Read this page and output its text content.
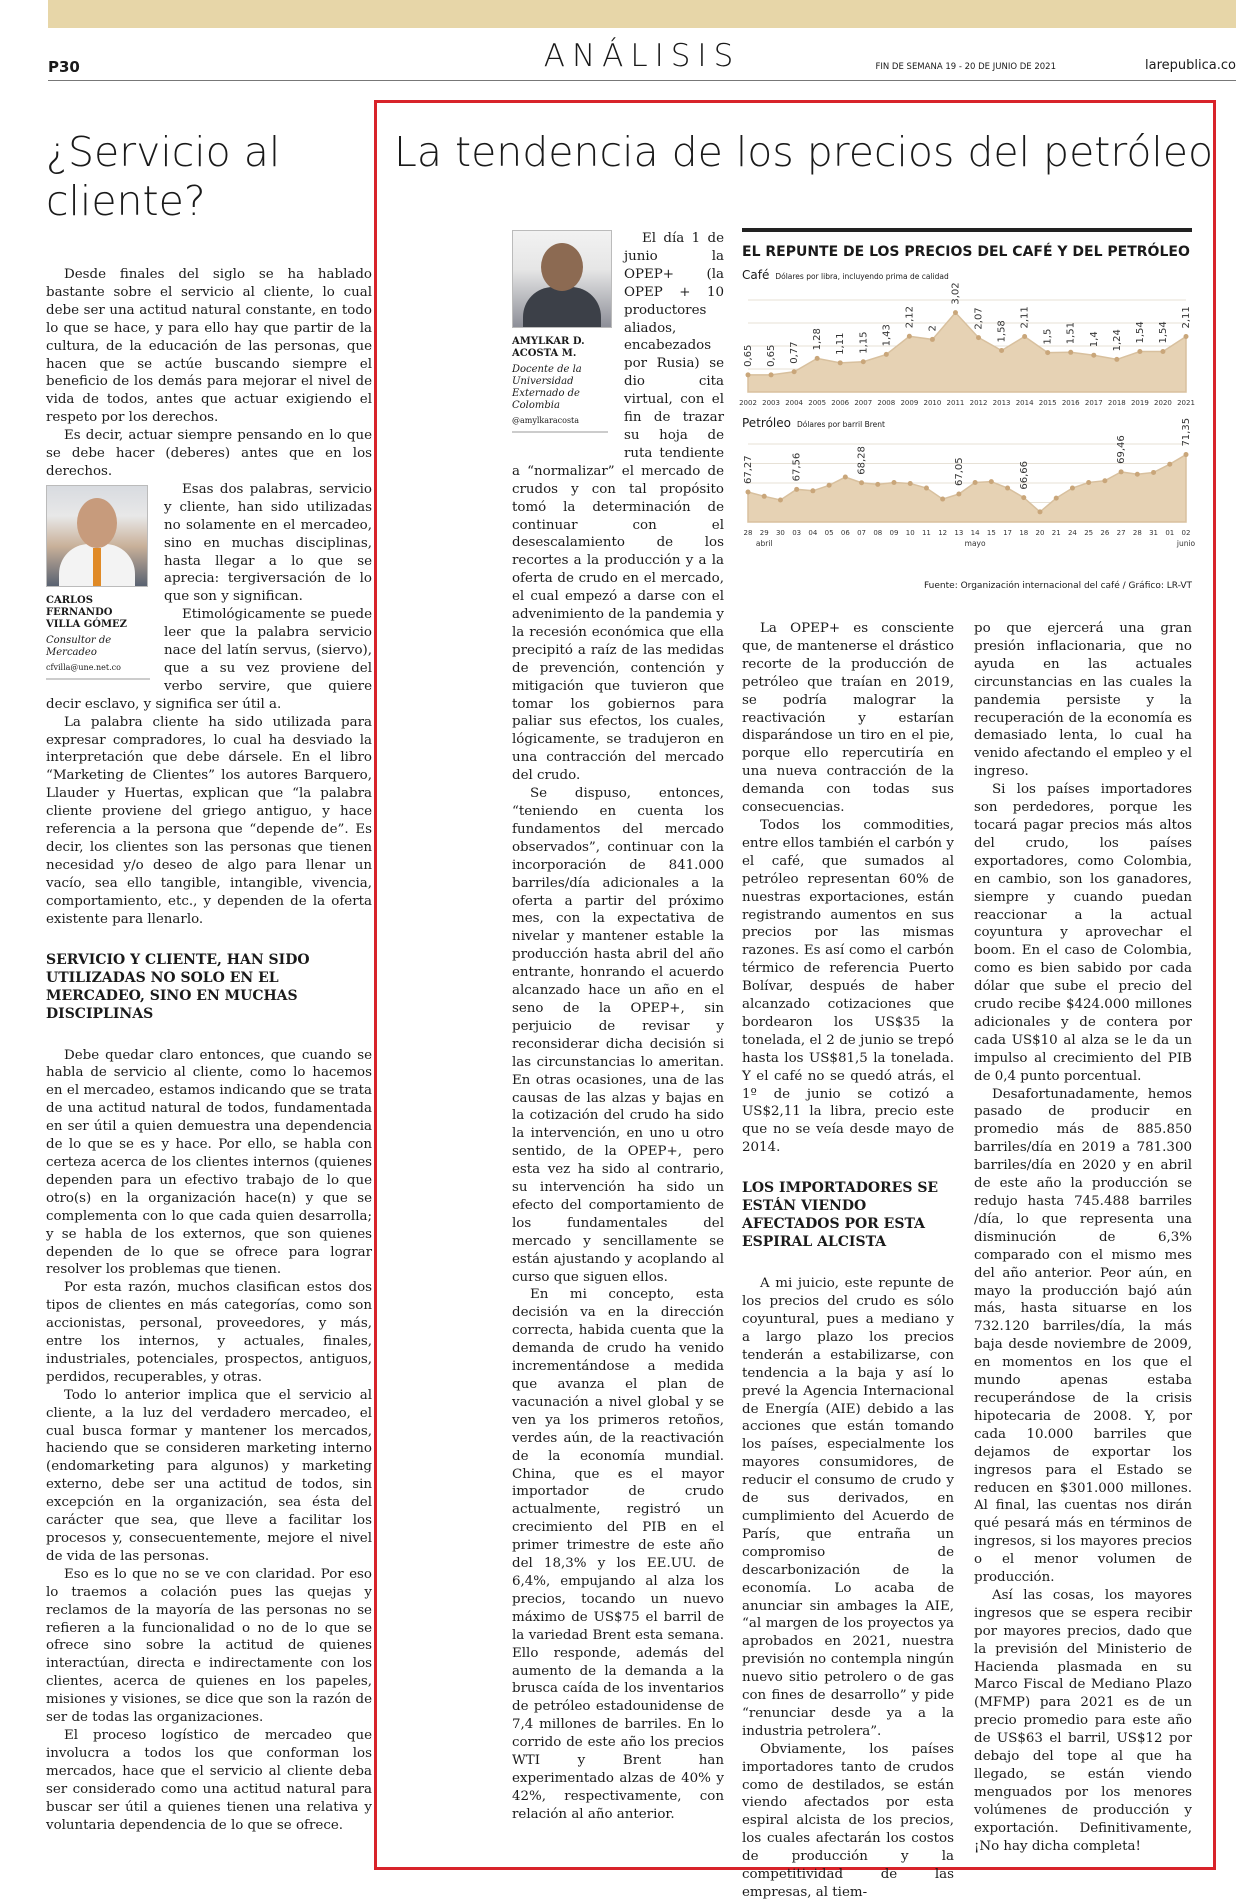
P30	ANÁLISIS	FIN DE SEMANA 19 - 20 DE JUNIO DE 2021	larepublica.co
¿Servicio al cliente?

Desde finales del siglo se ha hablado bastante sobre el servicio al cliente, lo cual debe ser una actitud natural constante, en todo lo que se hace, y para ello hay que partir de la cultura, de la educación de las personas, que hacen que se actúe buscando siempre el beneficio de los demás para mejorar el nivel de vida de todos, antes que actuar exigiendo el respeto por los derechos.

Es decir, actuar siempre pensando en lo que se debe hacer (deberes) antes que en los derechos.

CARLOS FERNANDO VILLA GÓMEZ
Consultor de Mercadeo
cfvilla@une.net.co

Esas dos palabras, servicio y cliente, han sido utilizadas no solamente en el mercadeo, sino en muchas disciplinas, hasta llegar a lo que se aprecia: tergiversación de lo que son y significan.

Etimológicamente se puede leer que la palabra servicio nace del latín servus, (siervo), que a su vez proviene del verbo servire, que quiere decir esclavo, y significa ser útil a.

La palabra cliente ha sido utilizada para expresar compradores, lo cual ha desviado la interpretación que debe dársele. En el libro “Marketing de Clientes” los autores Barquero, Llauder y Huertas, explican que “la palabra cliente proviene del griego antiguo, y hace referencia a la persona que “depende de”. Es decir, los clientes son las personas que tienen necesidad y/o deseo de algo para llenar un vacío, sea ello tangible, intangible, vivencia, comportamiento, etc., y dependen de la oferta existente para llenarlo.

SERVICIO Y CLIENTE, HAN SIDO UTILIZADAS NO SOLO EN EL MERCADEO, SINO EN MUCHAS DISCIPLINAS

Debe quedar claro entonces, que cuando se habla de servicio al cliente, como lo hacemos en el mercadeo, estamos indicando que se trata de una actitud natural de todos, fundamentada en ser útil a quien demuestra una dependencia de lo que se es y hace. Por ello, se habla con certeza acerca de los clientes internos (quienes dependen para un efectivo trabajo de lo que otro(s) en la organización hace(n) y que se complementa con lo que cada quien desarrolla; y se habla de los externos, que son quienes dependen de lo que se ofrece para lograr resolver los problemas que tienen.

Por esta razón, muchos clasifican estos dos tipos de clientes en más categorías, como son accionistas, personal, proveedores, y más, entre los internos, y actuales, finales, industriales, potenciales, prospectos, antiguos, perdidos, recuperables, y otras.

Todo lo anterior implica que el servicio al cliente, a la luz del verdadero mercadeo, el cual busca formar y mantener los mercados, haciendo que se consideren marketing interno (endomarketing para algunos) y marketing externo, debe ser una actitud de todos, sin excepción en la organización, sea ésta del carácter que sea, que lleve a facilitar los procesos y, consecuentemente, mejore el nivel de vida de las personas.

Eso es lo que no se ve con claridad. Por eso lo traemos a colación pues las quejas y reclamos de la mayoría de las personas no se refieren a la funcionalidad o no de lo que se ofrece sino sobre la actitud de quienes interactúan, directa e indirectamente con los clientes, acerca de quienes en los papeles, misiones y visiones, se dice que son la razón de ser de todas las organizaciones.

El proceso logístico de mercadeo que involucra a todos los que conforman los mercados, hace que el servicio al cliente deba ser considerado como una actitud natural para buscar ser útil a quienes tienen una relativa y voluntaria dependencia de lo que se ofrece.

La tendencia de los precios del petróleo
AMYLKAR D. ACOSTA M.
Docente de la Universidad Externado de Colombia
@amylkaracosta

El día 1 de junio la OPEP+ (la OPEP + 10 productores aliados, encabezados por Rusia) se dio cita virtual, con el fin de trazar su hoja de ruta tendiente a “normalizar” el mercado de crudos y con tal propósito tomó la determinación de continuar con el desescalamiento de los recortes a la producción y a la oferta de crudo en el mercado, el cual empezó a darse con el advenimiento de la pandemia y la recesión económica que ella precipitó a raíz de las medidas de prevención, contención y mitigación que tuvieron que tomar los gobiernos para paliar sus efectos, los cuales, lógicamente, se tradujeron en una contracción del mercado del crudo.

Se dispuso, entonces, “teniendo en cuenta los fundamentos del mercado observados”, continuar con la incorporación de 841.000 barriles/día adicionales a la oferta a partir del próximo mes, con la expectativa de nivelar y mantener estable la producción hasta abril del año entrante, honrando el acuerdo alcanzado hace un año en el seno de la OPEP+, sin perjuicio de revisar y reconsiderar dicha decisión si las circunstancias lo ameritan. En otras ocasiones, una de las causas de las alzas y bajas en la cotización del crudo ha sido la intervención, en uno u otro sentido, de la OPEP+, pero esta vez ha sido al contrario, su intervención ha sido un efecto del comportamiento de los fundamentales del mercado y sencillamente se están ajustando y acoplando al curso que siguen ellos.

En mi concepto, esta decisión va en la dirección correcta, habida cuenta que la demanda de crudo ha venido incrementándose a medida que avanza el plan de vacunación a nivel global y se ven ya los primeros retoños, verdes aún, de la reactivación de la economía mundial. China, que es el mayor importador de crudo actualmente, registró un crecimiento del PIB en el primer trimestre de este año del 18,3% y los EE.UU. de 6,4%, empujando al alza los precios, tocando un nuevo máximo de US$75 el barril de la variedad Brent esta semana. Ello responde, además del aumento de la demanda a la brusca caída de los inventarios de petróleo estadounidense de 7,4 millones de barriles. En lo corrido de este año los precios WTI y Brent han experimentado alzas de 40% y 42%, respectivamente, con relación al año anterior.

EL REPUNTE DE LOS PRECIOS DEL CAFÉ Y DEL PETRÓLEO
Café Dólares por libra, incluyendo prima de calidad
0,65 0,65 0,77
1,28 1,11 1,15 1,43
2,12 2
3,02
2,07
1,58
2,11
1,5 1,51 1,4 1,24 1,54 1,54
2,11
2002 2003 2004 2005 2006 2007 2008 2009 2010 2011 2012 2013 2014 2015 2016 2017 2018 2019 2020 2021
Petróleo Dólares por barril Brent
67,27	67,56	68,28	67,05	66,66
69,46
71,35
28 29 30 03 04 05 06 07 08 09 10 11 12 13 14 15 17 18 20 21 24 25 26 27 28 31 01 02
abril	mayo	junio
Fuente: Organización internacional del café / Gráfico: LR-VT

La OPEP+ es consciente que, de mantenerse el drástico recorte de la producción de petróleo que traían en 2019, se podría malograr la reactivación y estarían disparándose un tiro en el pie, porque ello repercutiría en una nueva contracción de la demanda con todas sus consecuencias.

Todos los commodities, entre ellos también el carbón y el café, que sumados al petróleo representan 60% de nuestras exportaciones, están registrando aumentos en sus precios por las mismas razones. Es así como el carbón térmico de referencia Puerto Bolívar, después de haber alcanzado cotizaciones que bordearon los US$35 la tonelada, el 2 de junio se trepó hasta los US$81,5 la tonelada. Y el café no se quedó atrás, el 1º de junio se cotizó a US$2,11 la libra, precio este que no se veía desde mayo de 2014.

LOS IMPORTADORES SE ESTÁN VIENDO AFECTADOS POR ESTA ESPIRAL ALCISTA

A mi juicio, este repunte de los precios del crudo es sólo coyuntural, pues a mediano y a largo plazo los precios tenderán a estabilizarse, con tendencia a la baja y así lo prevé la Agencia Internacional de Energía (AIE) debido a las acciones que están tomando los países, especialmente los mayores consumidores, de reducir el consumo de crudo y de sus derivados, en cumplimiento del Acuerdo de París, que entraña un compromiso de descarbonización de la economía. Lo acaba de anunciar sin ambages la AIE, “al margen de los proyectos ya aprobados en 2021, nuestra previsión no contempla ningún nuevo sitio petrolero o de gas con fines de desarrollo” y pide “renunciar desde ya a la industria petrolera”.

Obviamente, los países importadores tanto de crudos como de destilados, se están viendo afectados por esta espiral alcista de los precios, los cuales afectarán los costos de producción y la competitividad de las empresas, al tiem-

po que ejercerá una gran presión inflacionaria, que no ayuda en las actuales circunstancias en las cuales la pandemia persiste y la recuperación de la economía es demasiado lenta, lo cual ha venido afectando el empleo y el ingreso.

Si los países importadores son perdedores, porque les tocará pagar precios más altos del crudo, los países exportadores, como Colombia, en cambio, son los ganadores, siempre y cuando puedan reaccionar a la actual coyuntura y aprovechar el boom. En el caso de Colombia, como es bien sabido por cada dólar que sube el precio del crudo recibe $424.000 millones adicionales y de contera por cada US$10 al alza se le da un impulso al crecimiento del PIB de 0,4 punto porcentual.

Desafortunadamente, hemos pasado de producir en promedio más de 885.850 barriles/día en 2019 a 781.300 barriles/día en 2020 y en abril de este año la producción se redujo hasta 745.488 barriles /día, lo que representa una disminución de 6,3% comparado con el mismo mes del año anterior. Peor aún, en mayo la producción bajó aún más, hasta situarse en los 732.120 barriles/día, la más baja desde noviembre de 2009, en momentos en los que el mundo apenas estaba recuperándose de la crisis hipotecaria de 2008. Y, por cada 10.000 barriles que dejamos de exportar los ingresos para el Estado se reducen en $301.000 millones. Al final, las cuentas nos dirán qué pesará más en términos de ingresos, si los mayores precios o el menor volumen de producción.

Así las cosas, los mayores ingresos que se espera recibir por mayores precios, dado que la previsión del Ministerio de Hacienda plasmada en su Marco Fiscal de Mediano Plazo (MFMP) para 2021 es de un precio promedio para este año de US$63 el barril, US$12 por debajo del tope al que ha llegado, se están viendo menguados por los menores volúmenes de producción y exportación. Definitivamente, ¡No hay dicha completa!
